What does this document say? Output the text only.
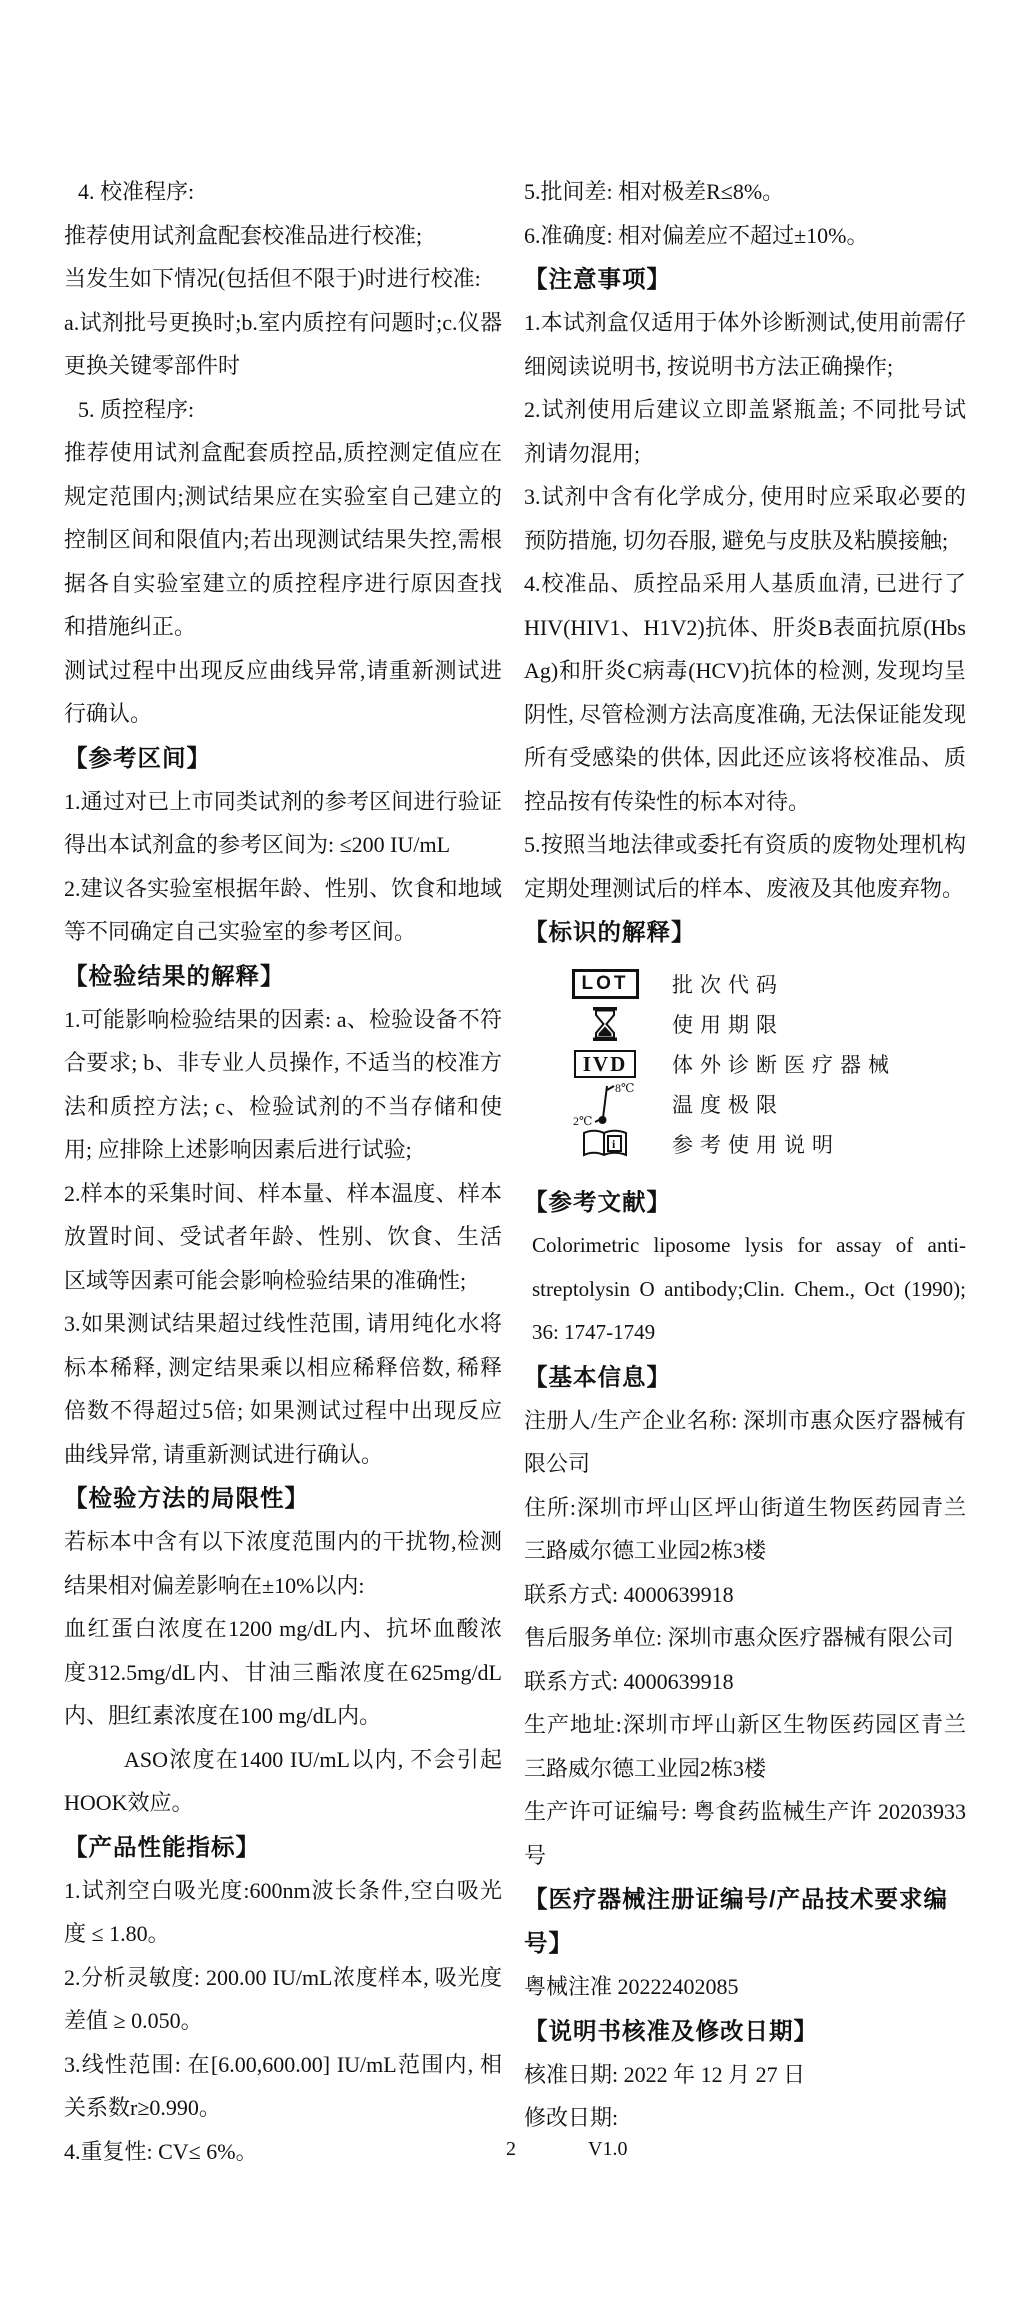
4. 校准程序:

推荐使用试剂盒配套校准品进行校准;

当发生如下情况(包括但不限于)时进行校准:

a.试剂批号更换时;b.室内质控有问题时;c.仪器更换关键零部件时

5. 质控程序:

推荐使用试剂盒配套质控品,质控测定值应在规定范围内;测试结果应在实验室自己建立的控制区间和限值内;若出现测试结果失控,需根据各自实验室建立的质控程序进行原因查找和措施纠正。

测试过程中出现反应曲线异常,请重新测试进行确认。

【参考区间】

1.通过对已上市同类试剂的参考区间进行验证得出本试剂盒的参考区间为: ≤200 IU/mL

2.建议各实验室根据年龄、性别、饮食和地域等不同确定自己实验室的参考区间。

【检验结果的解释】

1.可能影响检验结果的因素: a、检验设备不符合要求; b、非专业人员操作, 不适当的校准方法和质控方法; c、检验试剂的不当存储和使用; 应排除上述影响因素后进行试验;

2.样本的采集时间、样本量、样本温度、样本放置时间、受试者年龄、性别、饮食、生活区域等因素可能会影响检验结果的准确性;

3.如果测试结果超过线性范围, 请用纯化水将标本稀释, 测定结果乘以相应稀释倍数, 稀释倍数不得超过5倍; 如果测试过程中出现反应曲线异常, 请重新测试进行确认。

【检验方法的局限性】

若标本中含有以下浓度范围内的干扰物,检测结果相对偏差影响在±10%以内:

血红蛋白浓度在1200 mg/dL内、抗坏血酸浓度312.5mg/dL内、甘油三酯浓度在625mg/dL内、胆红素浓度在100 mg/dL内。

ASO浓度在1400 IU/mL以内, 不会引起HOOK效应。

【产品性能指标】

1.试剂空白吸光度:600nm波长条件,空白吸光度 ≤ 1.80。

2.分析灵敏度: 200.00 IU/mL浓度样本, 吸光度差值 ≥ 0.050。

3.线性范围: 在[6.00,600.00] IU/mL范围内, 相关系数r≥0.990。

4.重复性: CV≤ 6%。

5.批间差: 相对极差R≤8%。

6.准确度: 相对偏差应不超过±10%。

【注意事项】

1.本试剂盒仅适用于体外诊断测试,使用前需仔细阅读说明书, 按说明书方法正确操作;

2.试剂使用后建议立即盖紧瓶盖; 不同批号试剂请勿混用;

3.试剂中含有化学成分, 使用时应采取必要的预防措施, 切勿吞服, 避免与皮肤及粘膜接触;

4.校准品、质控品采用人基质血清, 已进行了 HIV(HIV1、H1V2)抗体、肝炎B表面抗原(HbsAg)和肝炎C病毒(HCV)抗体的检测, 发现均呈阴性, 尽管检测方法高度准确, 无法保证能发现所有受感染的供体, 因此还应该将校准品、质控品按有传染性的标本对待。

5.按照当地法律或委托有资质的废物处理机构定期处理测试后的样本、废液及其他废弃物。

【标识的解释】
LOT	批次代码
使用期限
IVD	体外诊断医疗器械
8℃
2℃
温度极限
i	参考使用说明
【参考文献】

Colorimetric liposome lysis for assay of anti-streptolysin O antibody;Clin. Chem., Oct (1990); 36: 1747-1749

【基本信息】

注册人/生产企业名称: 深圳市惠众医疗器械有限公司

住所:深圳市坪山区坪山街道生物医药园青兰三路威尔德工业园2栋3楼

联系方式: 4000639918

售后服务单位: 深圳市惠众医疗器械有限公司

联系方式: 4000639918

生产地址:深圳市坪山新区生物医药园区青兰三路威尔德工业园2栋3楼

生产许可证编号: 粤食药监械生产许 20203933 号

【医疗器械注册证编号/产品技术要求编号】

粤械注准 20222402085

【说明书核准及修改日期】

核准日期: 2022 年 12 月 27 日

修改日期:

2	V1.0
